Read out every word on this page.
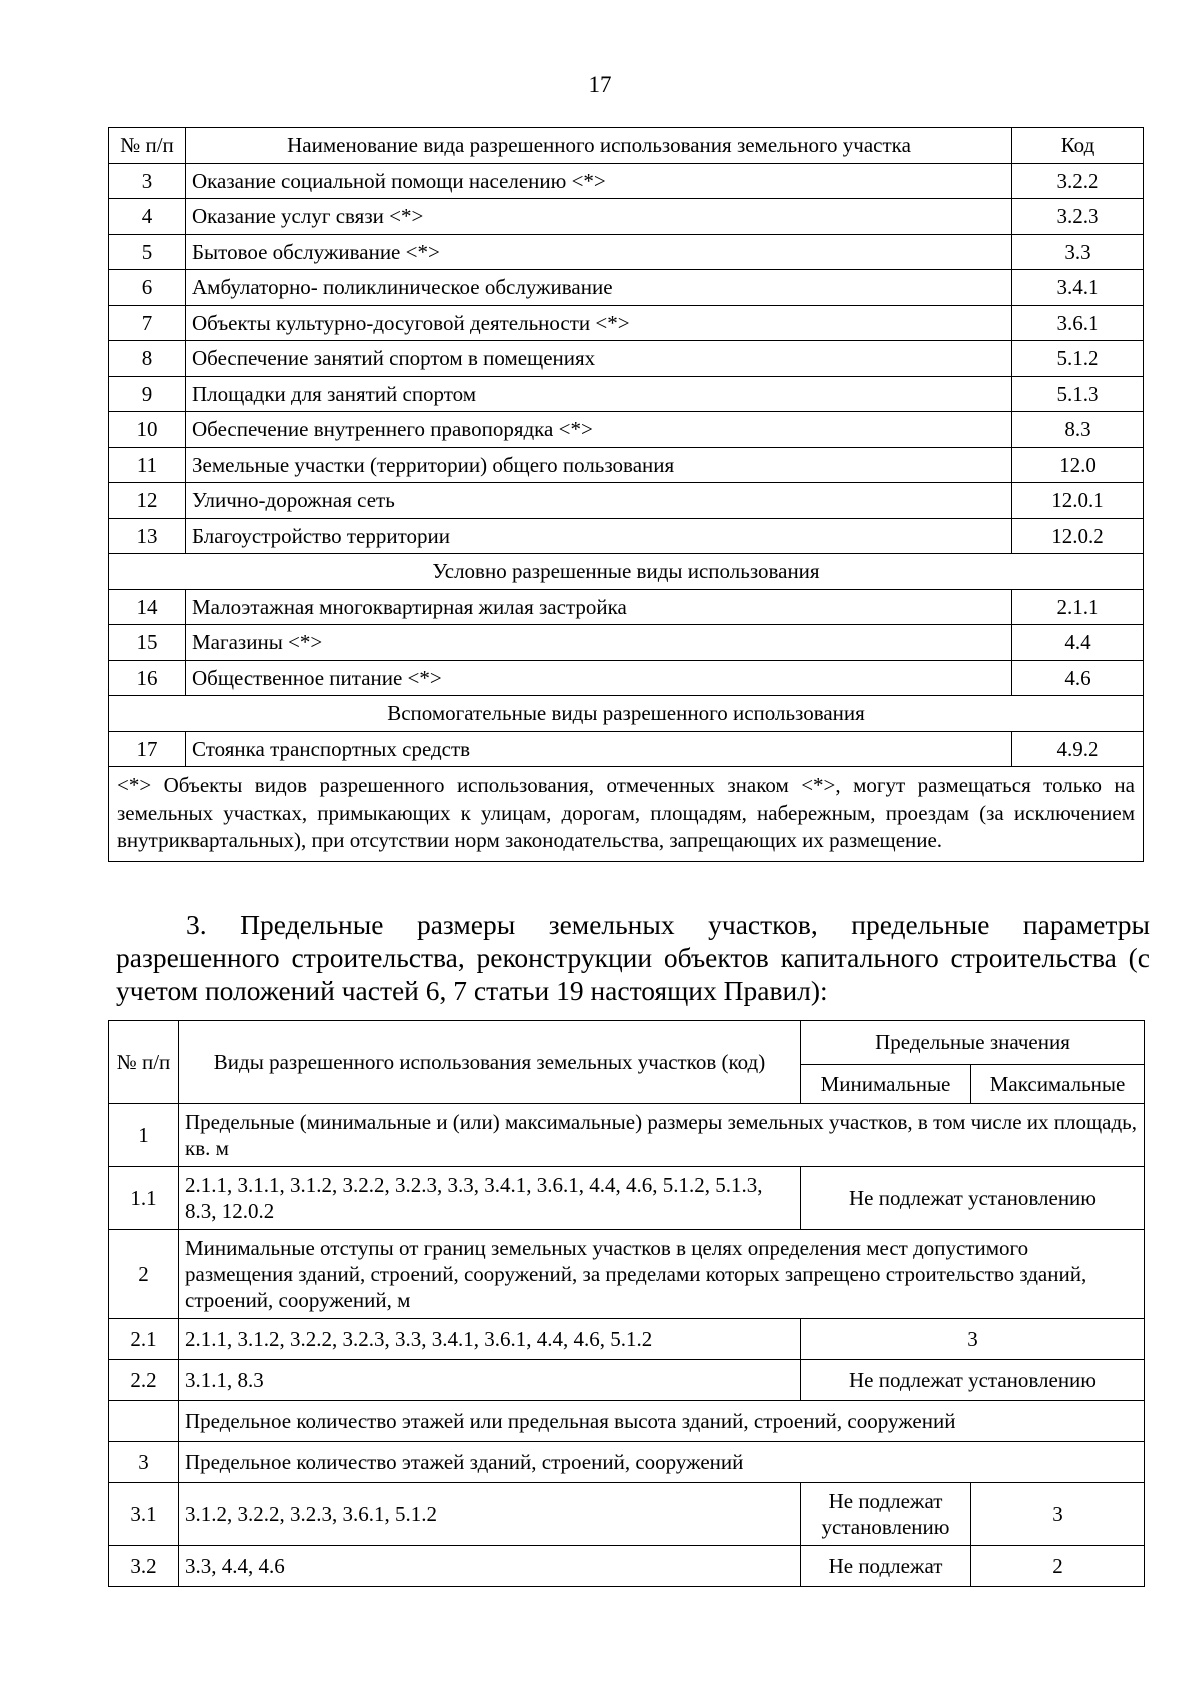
17
№ п/п	Наименование вида разрешенного использования земельного участка	Код
3	Оказание социальной помощи населению <*>	3.2.2
4	Оказание услуг связи <*>	3.2.3
5	Бытовое обслуживание <*>	3.3
6	Амбулаторно- поликлиническое обслуживание	3.4.1
7	Объекты культурно-досуговой деятельности <*>	3.6.1
8	Обеспечение занятий спортом в помещениях	5.1.2
9	Площадки для занятий спортом	5.1.3
10	Обеспечение внутреннего правопорядка <*>	8.3
11	Земельные участки (территории) общего пользования	12.0
12	Улично-дорожная сеть	12.0.1
13	Благоустройство территории	12.0.2
Условно разрешенные виды использования		
14	Малоэтажная многоквартирная жилая застройка	2.1.1
15	Магазины <*>	4.4
16	Общественное питание <*>	4.6
Вспомогательные виды разрешенного использования		
17	Стоянка транспортных средств	4.9.2
<*> Объекты видов разрешенного использования, отмеченных знаком <*>, могут размещаться только на земельных участках, примыкающих к улицам, дорогам, площадям, набережным, проездам (за исключением внутриквартальных), при отсутствии норм законодательства, запрещающих их размещение.		

3. Предельные размеры земельных участков, предельные параметры разрешенного строительства, реконструкции объектов капитального строительства (с учетом положений частей 6, 7 статьи 19 настоящих Правил):

№ п/п	Виды разрешенного использования земельных участков (код)	Предельные значения	
		Минимальные	Максимальные
1	Предельные (минимальные и (или) максимальные) размеры земельных участков, в том числе их площадь, кв. м		
1.1	2.1.1, 3.1.1, 3.1.2, 3.2.2, 3.2.3, 3.3, 3.4.1, 3.6.1, 4.4, 4.6, 5.1.2, 5.1.3, 8.3, 12.0.2	Не подлежат установлению	
2	Минимальные отступы от границ земельных участков в целях определения мест допустимого размещения зданий, строений, сооружений, за пределами которых запрещено строительство зданий, строений, сооружений, м		
2.1	2.1.1, 3.1.2, 3.2.2, 3.2.3, 3.3, 3.4.1, 3.6.1, 4.4, 4.6, 5.1.2	3	
2.2	3.1.1, 8.3	Не подлежат установлению	
	Предельное количество этажей или предельная высота зданий, строений, сооружений		
3	Предельное количество этажей зданий, строений, сооружений		
3.1	3.1.2, 3.2.2, 3.2.3, 3.6.1, 5.1.2	Не подлежат установлению	3
3.2	3.3, 4.4, 4.6	Не подлежат	2
